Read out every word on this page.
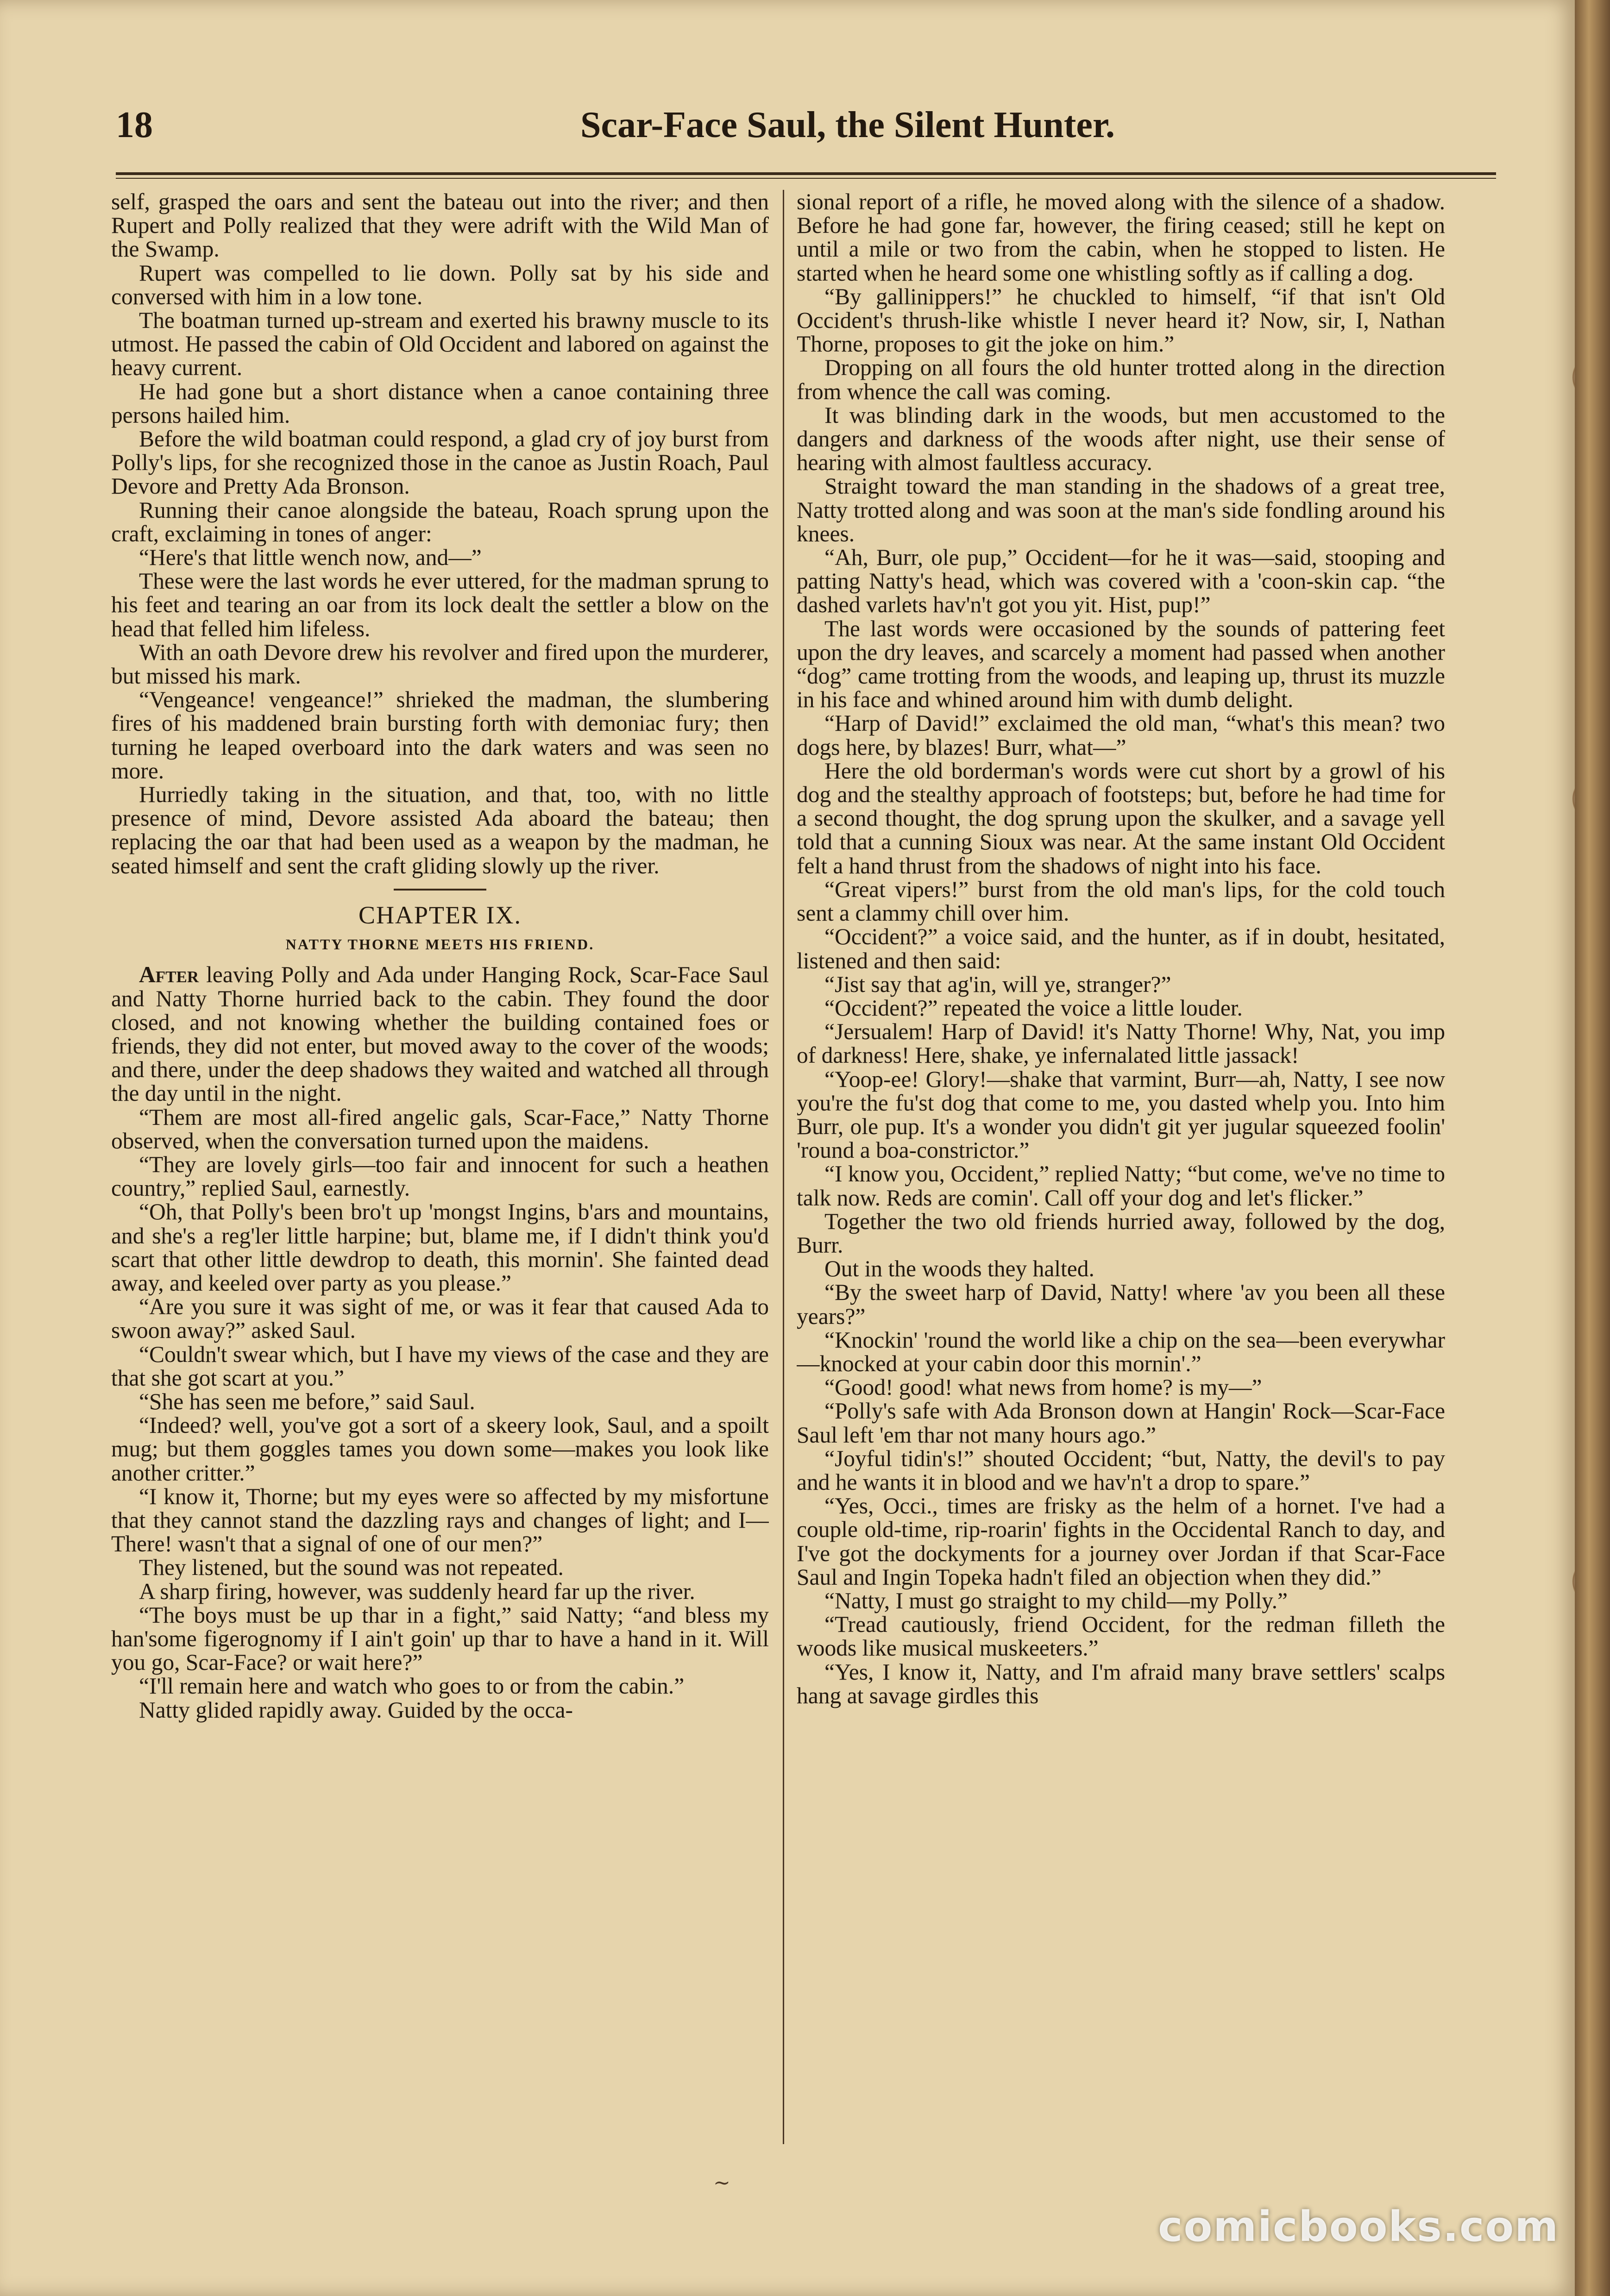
18	Scar-Face Saul, the Silent Hunter.

self, grasped the oars and sent the bateau out into the river; and then Rupert and Polly realized that they were adrift with the Wild Man of the Swamp.

Rupert was compelled to lie down. Polly sat by his side and conversed with him in a low tone.

The boatman turned up-stream and exerted his brawny muscle to its utmost. He passed the cabin of Old Occident and labored on against the heavy current.

He had gone but a short distance when a canoe containing three persons hailed him.

Before the wild boatman could respond, a glad cry of joy burst from Polly's lips, for she recognized those in the canoe as Justin Roach, Paul Devore and Pretty Ada Bronson.

Running their canoe alongside the bateau, Roach sprung upon the craft, exclaiming in tones of anger:

“Here's that little wench now, and—”

These were the last words he ever uttered, for the madman sprung to his feet and tearing an oar from its lock dealt the settler a blow on the head that felled him lifeless.

With an oath Devore drew his revolver and fired upon the murderer, but missed his mark.

“Vengeance! vengeance!” shrieked the madman, the slumbering fires of his maddened brain bursting forth with demoniac fury; then turning he leaped overboard into the dark waters and was seen no more.

Hurriedly taking in the situation, and that, too, with no little presence of mind, Devore assisted Ada aboard the bateau; then replacing the oar that had been used as a weapon by the madman, he seated himself and sent the craft gliding slowly up the river.

CHAPTER IX.

NATTY THORNE MEETS HIS FRIEND.

After leaving Polly and Ada under Hanging Rock, Scar-Face Saul and Natty Thorne hurried back to the cabin. They found the door closed, and not knowing whether the building contained foes or friends, they did not enter, but moved away to the cover of the woods; and there, under the deep shadows they waited and watched all through the day until in the night.

“Them are most all-fired angelic gals, Scar-Face,” Natty Thorne observed, when the conversation turned upon the maidens.

“They are lovely girls—too fair and innocent for such a heathen country,” replied Saul, earnestly.

“Oh, that Polly's been bro't up 'mongst Ingins, b'ars and mountains, and she's a reg'ler little harpine; but, blame me, if I didn't think you'd scart that other little dewdrop to death, this mornin'. She fainted dead away, and keeled over party as you please.”

“Are you sure it was sight of me, or was it fear that caused Ada to swoon away?” asked Saul.

“Couldn't swear which, but I have my views of the case and they are that she got scart at you.”

“She has seen me before,” said Saul.

“Indeed? well, you've got a sort of a skeery look, Saul, and a spoilt mug; but them goggles tames you down some—makes you look like another critter.”

“I know it, Thorne; but my eyes were so affected by my misfortune that they cannot stand the dazzling rays and changes of light; and I— There! wasn't that a signal of one of our men?”

They listened, but the sound was not repeated.

A sharp firing, however, was suddenly heard far up the river.

“The boys must be up thar in a fight,” said Natty; “and bless my han'some figerognomy if I ain't goin' up thar to have a hand in it. Will you go, Scar-Face? or wait here?”

“I'll remain here and watch who goes to or from the cabin.”

Natty glided rapidly away. Guided by the occa-

sional report of a rifle, he moved along with the silence of a shadow. Before he had gone far, however, the firing ceased; still he kept on until a mile or two from the cabin, when he stopped to listen. He started when he heard some one whistling softly as if calling a dog.

“By gallinippers!” he chuckled to himself, “if that isn't Old Occident's thrush-like whistle I never heard it? Now, sir, I, Nathan Thorne, proposes to git the joke on him.”

Dropping on all fours the old hunter trotted along in the direction from whence the call was coming.

It was blinding dark in the woods, but men accustomed to the dangers and darkness of the woods after night, use their sense of hearing with almost faultless accuracy.

Straight toward the man standing in the shadows of a great tree, Natty trotted along and was soon at the man's side fondling around his knees.

“Ah, Burr, ole pup,” Occident—for he it was—said, stooping and patting Natty's head, which was covered with a 'coon-skin cap. “the dashed varlets hav'n't got you yit. Hist, pup!”

The last words were occasioned by the sounds of pattering feet upon the dry leaves, and scarcely a moment had passed when another “dog” came trotting from the woods, and leaping up, thrust its muzzle in his face and whined around him with dumb delight.

“Harp of David!” exclaimed the old man, “what's this mean? two dogs here, by blazes! Burr, what—”

Here the old borderman's words were cut short by a growl of his dog and the stealthy approach of footsteps; but, before he had time for a second thought, the dog sprung upon the skulker, and a savage yell told that a cunning Sioux was near. At the same instant Old Occident felt a hand thrust from the shadows of night into his face.

“Great vipers!” burst from the old man's lips, for the cold touch sent a clammy chill over him.

“Occident?” a voice said, and the hunter, as if in doubt, hesitated, listened and then said:

“Jist say that ag'in, will ye, stranger?”

“Occident?” repeated the voice a little louder.

“Jersualem! Harp of David! it's Natty Thorne! Why, Nat, you imp of darkness! Here, shake, ye infernalated little jassack!

“Yoop-ee! Glory!—shake that varmint, Burr—ah, Natty, I see now you're the fu'st dog that come to me, you dasted whelp you. Into him Burr, ole pup. It's a wonder you didn't git yer jugular squeezed foolin' 'round a boa-constrictor.”

“I know you, Occident,” replied Natty; “but come, we've no time to talk now. Reds are comin'. Call off your dog and let's flicker.”

Together the two old friends hurried away, followed by the dog, Burr.

Out in the woods they halted.

“By the sweet harp of David, Natty! where 'av you been all these years?”

“Knockin' 'round the world like a chip on the sea—been everywhar—knocked at your cabin door this mornin'.”

“Good! good! what news from home? is my—”

“Polly's safe with Ada Bronson down at Hangin' Rock—Scar-Face Saul left 'em thar not many hours ago.”

“Joyful tidin's!” shouted Occident; “but, Natty, the devil's to pay and he wants it in blood and we hav'n't a drop to spare.”

“Yes, Occi., times are frisky as the helm of a hornet. I've had a couple old-time, rip-roarin' fights in the Occidental Ranch to day, and I've got the dockyments for a journey over Jordan if that Scar-Face Saul and Ingin Topeka hadn't filed an objection when they did.”

“Natty, I must go straight to my child—my Polly.”

“Tread cautiously, friend Occident, for the redman filleth the woods like musical muskeeters.”

“Yes, I know it, Natty, and I'm afraid many brave settlers' scalps hang at savage girdles this

∼
comicbooks.com
